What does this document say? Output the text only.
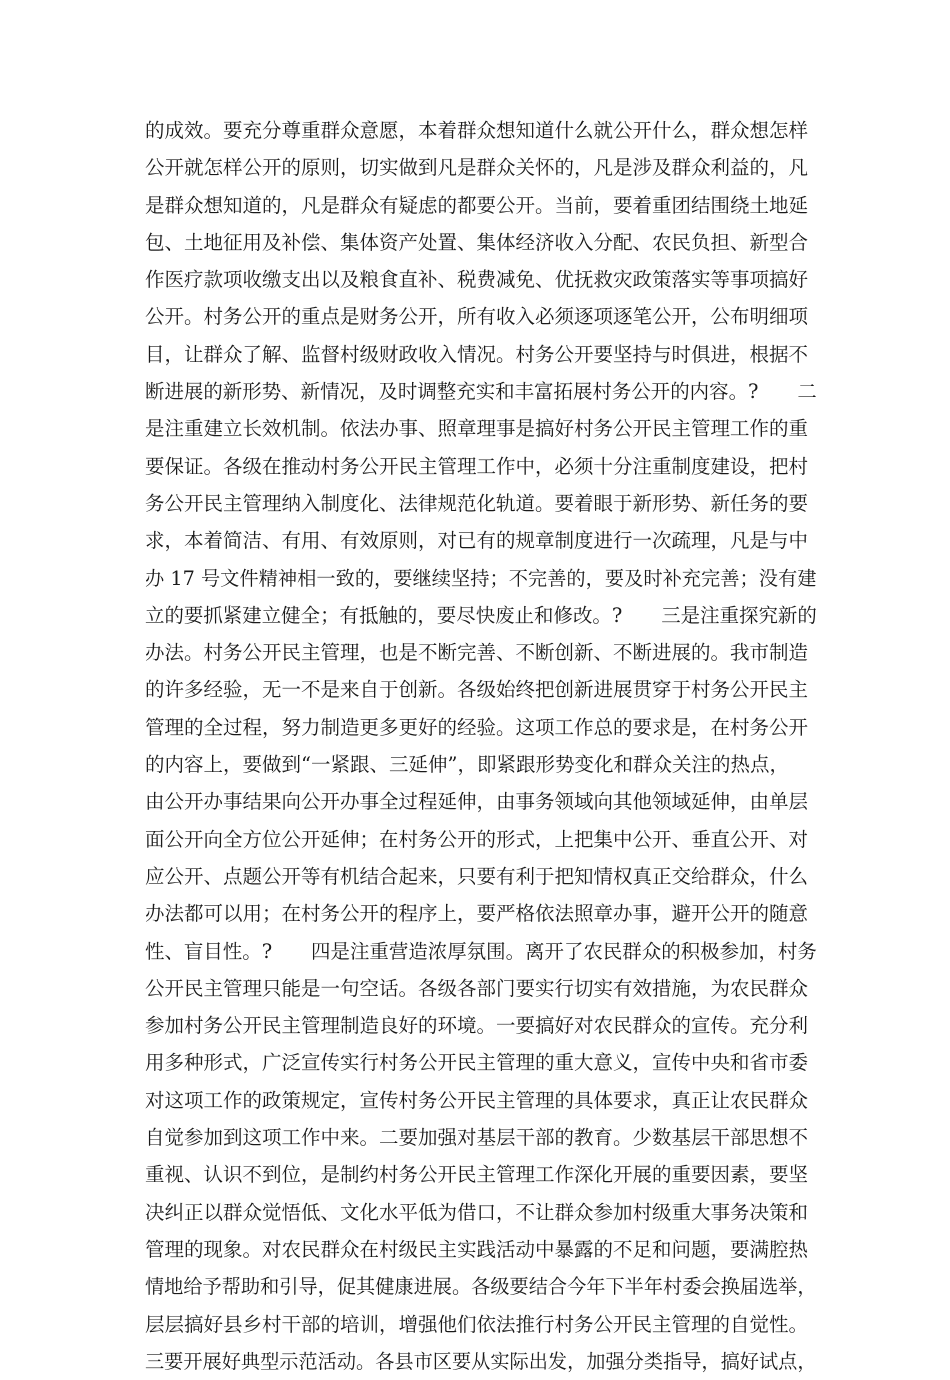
的成效。要充分尊重群众意愿，本着群众想知道什么就公开什么，群众想怎样
公开就怎样公开的原则，切实做到凡是群众关怀的，凡是涉及群众利益的，凡
是群众想知道的，凡是群众有疑虑的都要公开。当前，要着重团结围绕土地延
包、土地征用及补偿、集体资产处置、集体经济收入分配、农民负担、新型合
作医疗款项收缴支出以及粮食直补、税费减免、优抚救灾政策落实等事项搞好
公开。村务公开的重点是财务公开，所有收入必须逐项逐笔公开，公布明细项
目，让群众了解、监督村级财政收入情况。村务公开要坚持与时俱进，根据不
断进展的新形势、新情况，及时调整充实和丰富拓展村务公开的内容。?　　二
是注重建立长效机制。依法办事、照章理事是搞好村务公开民主管理工作的重
要保证。各级在推动村务公开民主管理工作中，必须十分注重制度建设，把村
务公开民主管理纳入制度化、法律规范化轨道。要着眼于新形势、新任务的要
求，本着简洁、有用、有效原则，对已有的规章制度进行一次疏理，凡是与中
办 17 号文件精神相一致的，要继续坚持；不完善的，要及时补充完善；没有建
立的要抓紧建立健全；有抵触的，要尽快废止和修改。?　　三是注重探究新的
办法。村务公开民主管理，也是不断完善、不断创新、不断进展的。我市制造
的许多经验，无一不是来自于创新。各级始终把创新进展贯穿于村务公开民主
管理的全过程，努力制造更多更好的经验。这项工作总的要求是，在村务公开
的内容上，要做到“一紧跟、三延伸”，即紧跟形势变化和群众关注的热点，
由公开办事结果向公开办事全过程延伸，由事务领域向其他领域延伸，由单层
面公开向全方位公开延伸；在村务公开的形式，上把集中公开、垂直公开、对
应公开、点题公开等有机结合起来，只要有利于把知情权真正交给群众，什么
办法都可以用；在村务公开的程序上，要严格依法照章办事，避开公开的随意
性、盲目性。?　　四是注重营造浓厚氛围。离开了农民群众的积极参加，村务
公开民主管理只能是一句空话。各级各部门要实行切实有效措施，为农民群众
参加村务公开民主管理制造良好的环境。一要搞好对农民群众的宣传。充分利
用多种形式，广泛宣传实行村务公开民主管理的重大意义，宣传中央和省市委
对这项工作的政策规定，宣传村务公开民主管理的具体要求，真正让农民群众
自觉参加到这项工作中来。二要加强对基层干部的教育。少数基层干部思想不
重视、认识不到位，是制约村务公开民主管理工作深化开展的重要因素，要坚
决纠正以群众觉悟低、文化水平低为借口，不让群众参加村级重大事务决策和
管理的现象。对农民群众在村级民主实践活动中暴露的不足和问题，要满腔热
情地给予帮助和引导，促其健康进展。各级要结合今年下半年村委会换届选举，
层层搞好县乡村干部的培训，增强他们依法推行村务公开民主管理的自觉性。
三要开展好典型示范活动。各县市区要从实际出发，加强分类指导，搞好试点，
